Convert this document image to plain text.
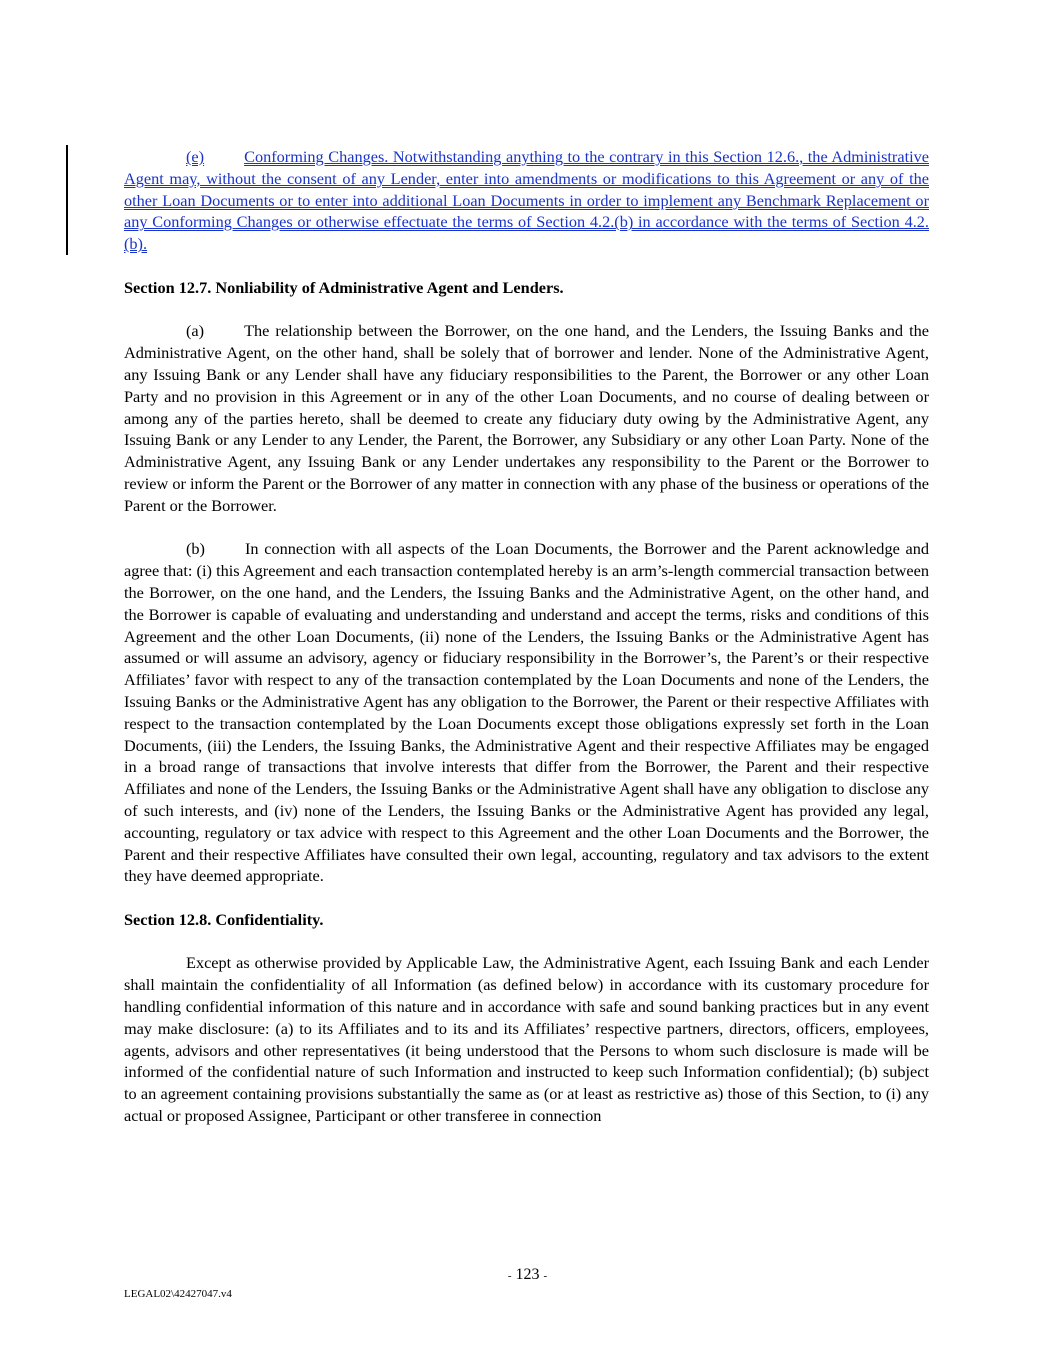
(e) Conforming Changes. Notwithstanding anything to the contrary in this Section 12.6., the Administrative Agent may, without the consent of any Lender, enter into amendments or modifications to this Agreement or any of the other Loan Documents or to enter into additional Loan Documents in order to implement any Benchmark Replacement or any Conforming Changes or otherwise effectuate the terms of Section 4.2.(b) in accordance with the terms of Section 4.2.(b).

Section 12.7. Nonliability of Administrative Agent and Lenders.

(a) The relationship between the Borrower, on the one hand, and the Lenders, the Issuing Banks and the Administrative Agent, on the other hand, shall be solely that of borrower and lender. None of the Administrative Agent, any Issuing Bank or any Lender shall have any fiduciary responsibilities to the Parent, the Borrower or any other Loan Party and no provision in this Agreement or in any of the other Loan Documents, and no course of dealing between or among any of the parties hereto, shall be deemed to create any fiduciary duty owing by the Administrative Agent, any Issuing Bank or any Lender to any Lender, the Parent, the Borrower, any Subsidiary or any other Loan Party. None of the Administrative Agent, any Issuing Bank or any Lender undertakes any responsibility to the Parent or the Borrower to review or inform the Parent or the Borrower of any matter in connection with any phase of the business or operations of the Parent or the Borrower.

(b) In connection with all aspects of the Loan Documents, the Borrower and the Parent acknowledge and agree that: (i) this Agreement and each transaction contemplated hereby is an arm’s-length commercial transaction between the Borrower, on the one hand, and the Lenders, the Issuing Banks and the Administrative Agent, on the other hand, and the Borrower is capable of evaluating and understanding and understand and accept the terms, risks and conditions of this Agreement and the other Loan Documents, (ii) none of the Lenders, the Issuing Banks or the Administrative Agent has assumed or will assume an advisory, agency or fiduciary responsibility in the Borrower’s, the Parent’s or their respective Affiliates’ favor with respect to any of the transaction contemplated by the Loan Documents and none of the Lenders, the Issuing Banks or the Administrative Agent has any obligation to the Borrower, the Parent or their respective Affiliates with respect to the transaction contemplated by the Loan Documents except those obligations expressly set forth in the Loan Documents, (iii) the Lenders, the Issuing Banks, the Administrative Agent and their respective Affiliates may be engaged in a broad range of transactions that involve interests that differ from the Borrower, the Parent and their respective Affiliates and none of the Lenders, the Issuing Banks or the Administrative Agent shall have any obligation to disclose any of such interests, and (iv) none of the Lenders, the Issuing Banks or the Administrative Agent has provided any legal, accounting, regulatory or tax advice with respect to this Agreement and the other Loan Documents and the Borrower, the Parent and their respective Affiliates have consulted their own legal, accounting, regulatory and tax advisors to the extent they have deemed appropriate.

Section 12.8. Confidentiality.

Except as otherwise provided by Applicable Law, the Administrative Agent, each Issuing Bank and each Lender shall maintain the confidentiality of all Information (as defined below) in accordance with its customary procedure for handling confidential information of this nature and in accordance with safe and sound banking practices but in any event may make disclosure: (a) to its Affiliates and to its and its Affiliates’ respective partners, directors, officers, employees, agents, advisors and other representatives (it being understood that the Persons to whom such disclosure is made will be informed of the confidential nature of such Information and instructed to keep such Information confidential); (b) subject to an agreement containing provisions substantially the same as (or at least as restrictive as) those of this Section, to (i) any actual or proposed Assignee, Participant or other transferee in connection

- 123 -
LEGAL02\42427047.v4
